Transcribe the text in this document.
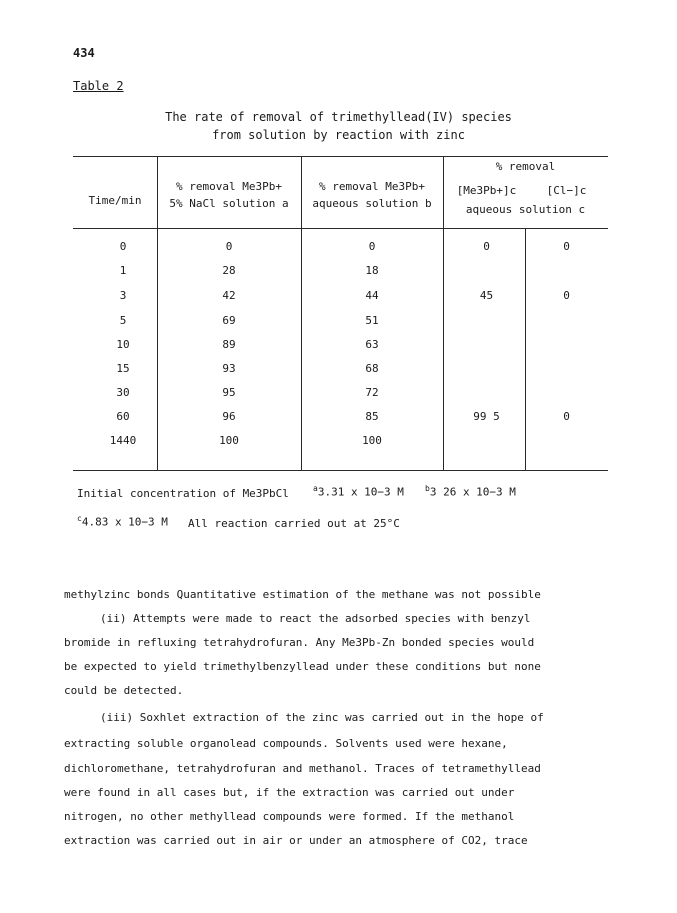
434
Table 2
The rate of removal of trimethyllead(IV) species
from solution by reaction with zinc
Time/min
% removal Me3Pb+
5% NaCl solution a
% removal Me3Pb+
aqueous solution b
% removal
[Me3Pb+]c	[Cl−]c
aqueous solution c
0	0	0	0	0
1	28	18
3	42	44	45	0
5	69	51
10	89	63
15	93	68
30	95	72
60	96	85	99 5	0
1440	100	100
Initial concentration of Me3PbCl	$^a$3.31 x 10−3 M	$^b$3 26 x 10−3 M
$^c$4.83 x 10−3 M All reaction carried out at 25°C
methylzinc bonds Quantitative estimation of the methane was not possible
(ii) Attempts were made to react the adsorbed species with benzyl
bromide in refluxing tetrahydrofuran. Any Me3Pb-Zn bonded species would
be expected to yield trimethylbenzyllead under these conditions but none
could be detected.
(iii) Soxhlet extraction of the zinc was carried out in the hope of
extracting soluble organolead compounds. Solvents used were hexane,
dichloromethane, tetrahydrofuran and methanol. Traces of tetramethyllead
were found in all cases but, if the extraction was carried out under
nitrogen, no other methyllead compounds were formed. If the methanol
extraction was carried out in air or under an atmosphere of CO2, trace
